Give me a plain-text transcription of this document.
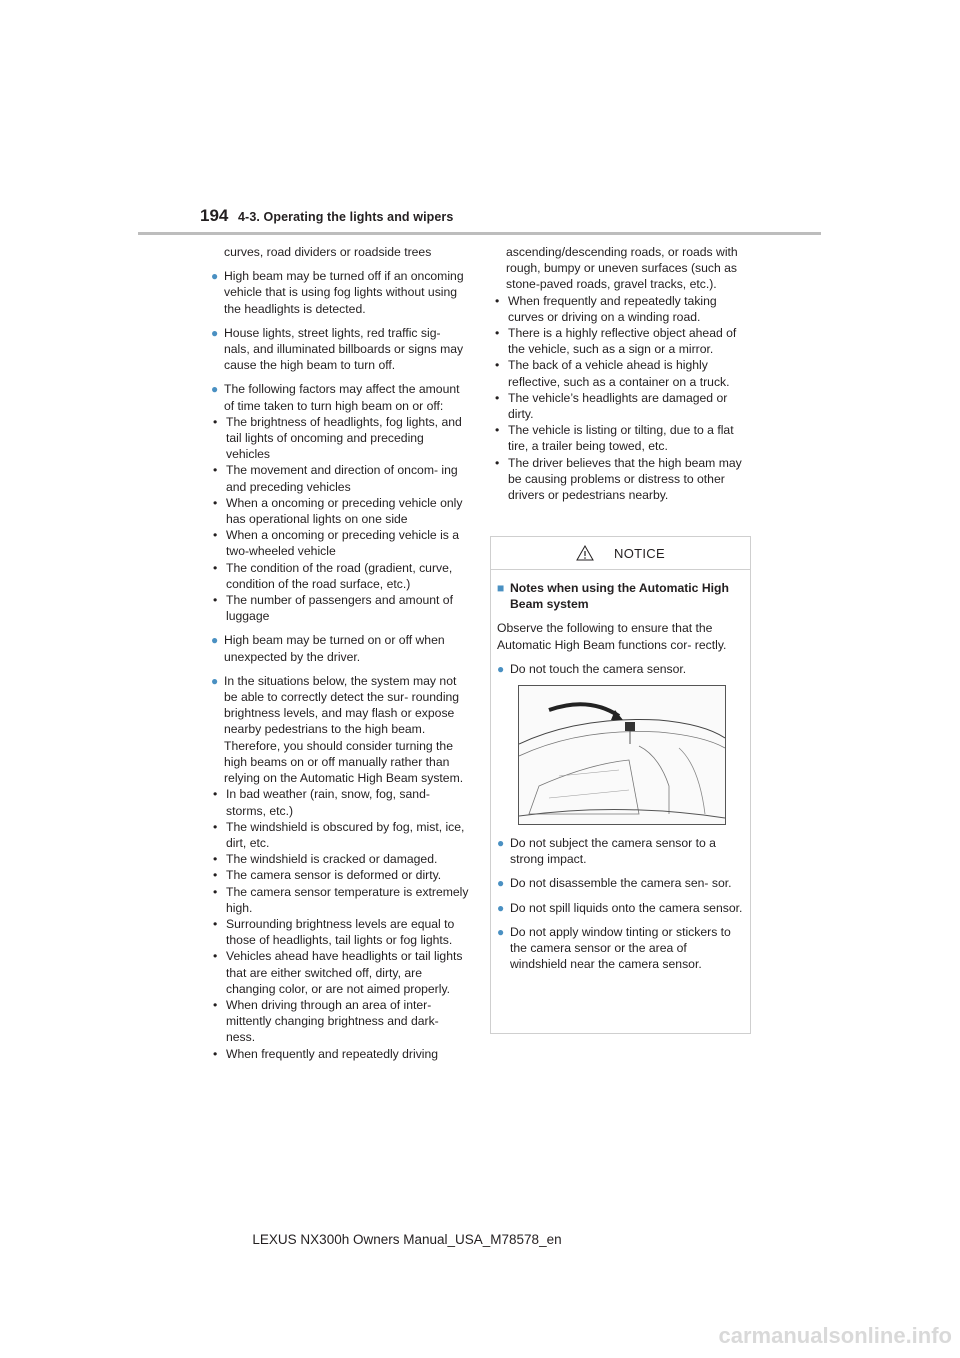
194 4-3. Operating the lights and wipers
curves, road dividers or roadside trees
● High beam may be turned off if an oncoming vehicle that is using fog lights without using the headlights is detected.
● House lights, street lights, red traffic sig- nals, and illuminated billboards or signs may cause the high beam to turn off.
● The following factors may affect the amount of time taken to turn high beam on or off:
• The brightness of headlights, fog lights, and tail lights of oncoming and preceding vehicles
• The movement and direction of oncom- ing and preceding vehicles
• When a oncoming or preceding vehicle only has operational lights on one side
• When a oncoming or preceding vehicle is a two-wheeled vehicle
• The condition of the road (gradient, curve, condition of the road surface, etc.)
• The number of passengers and amount of luggage
● High beam may be turned on or off when unexpected by the driver.
● In the situations below, the system may not be able to correctly detect the sur- rounding brightness levels, and may flash or expose nearby pedestrians to the high beam. Therefore, you should consider turning the high beams on or off manually rather than relying on the Automatic High Beam system.
• In bad weather (rain, snow, fog, sand- storms, etc.)
• The windshield is obscured by fog, mist, ice, dirt, etc.
• The windshield is cracked or damaged.
• The camera sensor is deformed or dirty.
• The camera sensor temperature is extremely high.
• Surrounding brightness levels are equal to those of headlights, tail lights or fog lights.
• Vehicles ahead have headlights or tail lights that are either switched off, dirty, are changing color, or are not aimed properly.
• When driving through an area of inter- mittently changing brightness and dark- ness.
• When frequently and repeatedly driving
ascending/descending roads, or roads with rough, bumpy or uneven surfaces (such as stone-paved roads, gravel tracks, etc.).
• When frequently and repeatedly taking curves or driving on a winding road.
• There is a highly reflective object ahead of the vehicle, such as a sign or a mirror.
• The back of a vehicle ahead is highly reflective, such as a container on a truck.
• The vehicle’s headlights are damaged or dirty.
• The vehicle is listing or tilting, due to a flat tire, a trailer being towed, etc.
• The driver believes that the high beam may be causing problems or distress to other drivers or pedestrians nearby.
NOTICE
■ Notes when using the Automatic High Beam system
Observe the following to ensure that the Automatic High Beam functions cor- rectly.
● Do not touch the camera sensor.
● Do not subject the camera sensor to a strong impact.
● Do not disassemble the camera sen- sor.
● Do not spill liquids onto the camera sensor.
● Do not apply window tinting or stickers to the camera sensor or the area of windshield near the camera sensor.
LEXUS NX300h Owners Manual_USA_M78578_en
carmanualsonline.info
